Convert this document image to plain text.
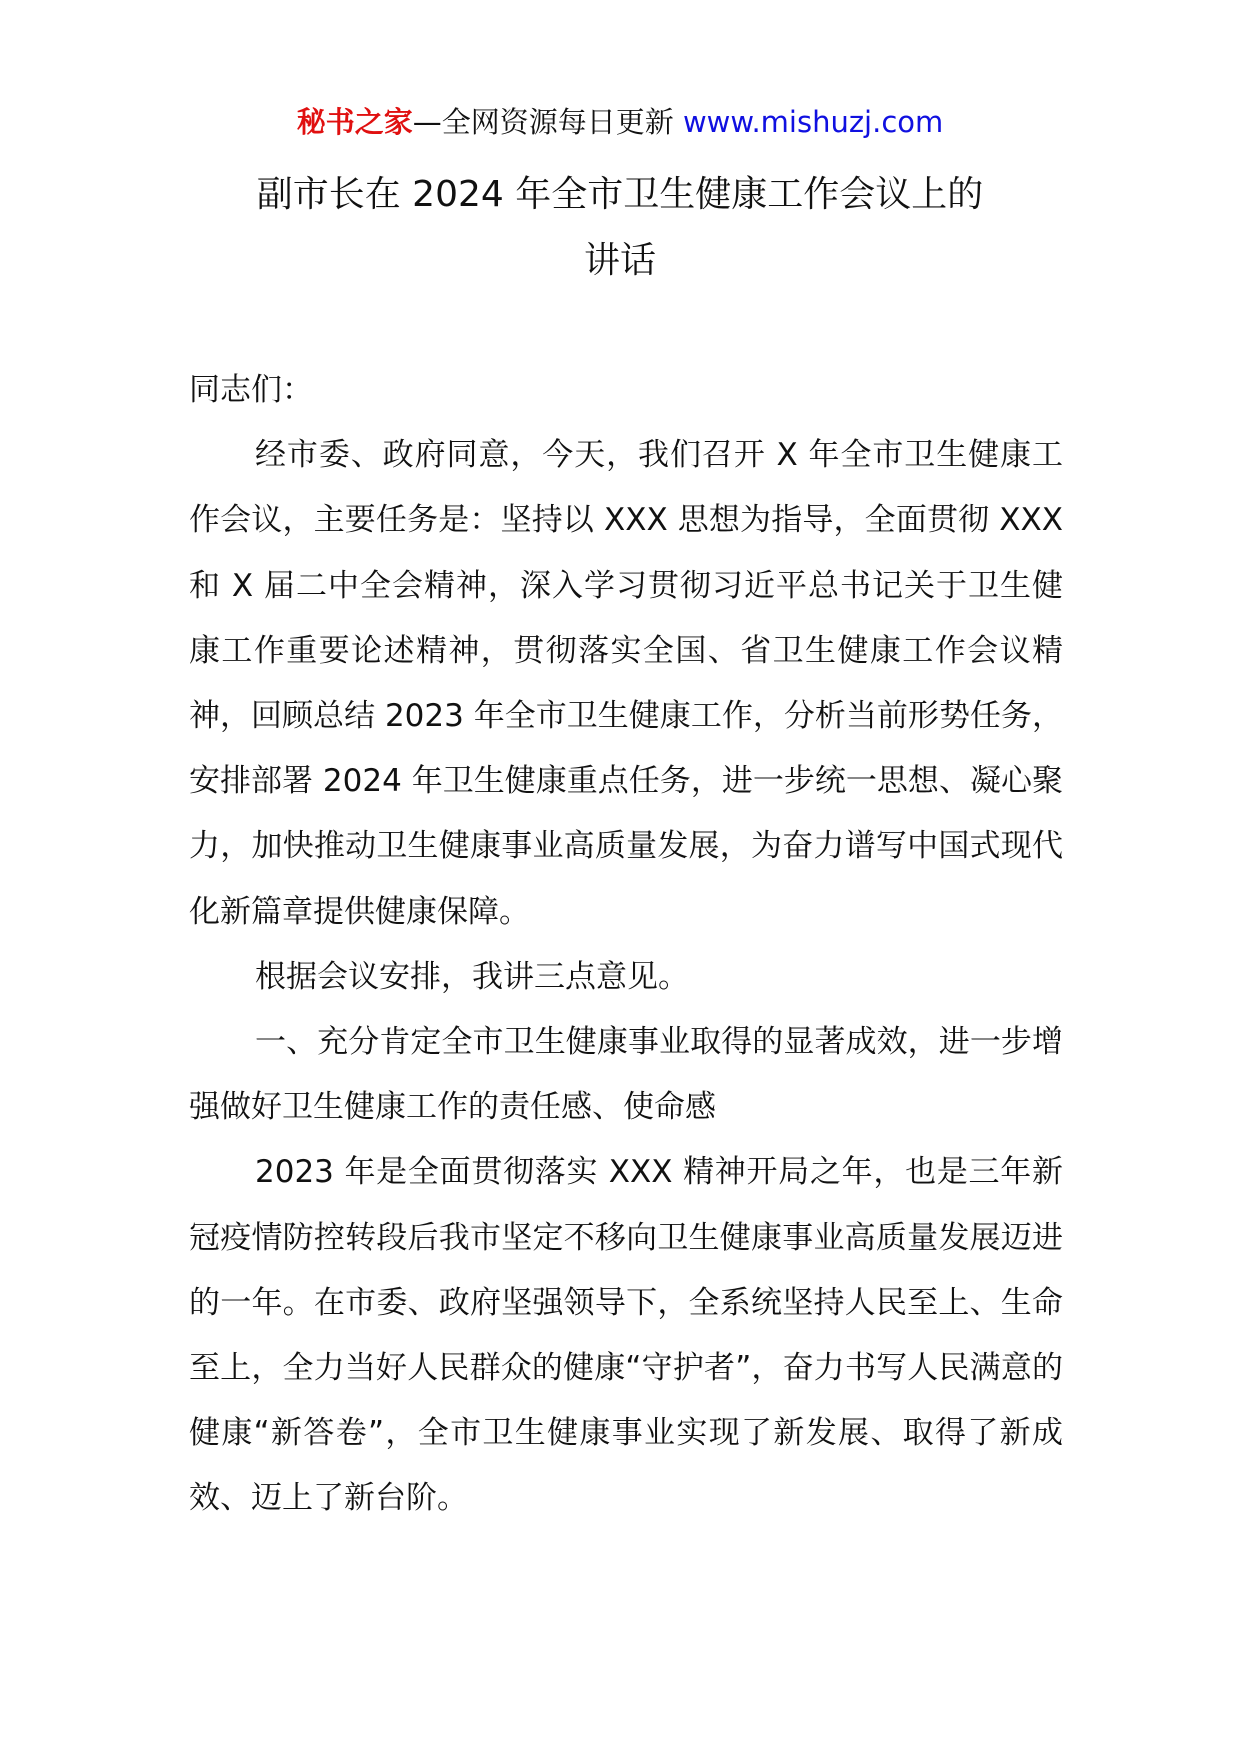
秘书之家—全网资源每日更新 www.mishuzj.com
副市长在 2024 年全市卫生健康工作会议上的
讲话

同志们：

经市委、政府同意，今天，我们召开 X 年全市卫生健康工作会议，主要任务是：坚持以 XXX 思想为指导，全面贯彻 XXX 和 X 届二中全会精神，深入学习贯彻习近平总书记关于卫生健康工作重要论述精神，贯彻落实全国、省卫生健康工作会议精神，回顾总结 2023 年全市卫生健康工作，分析当前形势任务，安排部署 2024 年卫生健康重点任务，进一步统一思想、凝心聚力，加快推动卫生健康事业高质量发展，为奋力谱写中国式现代化新篇章提供健康保障。

根据会议安排，我讲三点意见。

一、充分肯定全市卫生健康事业取得的显著成效，进一步增强做好卫生健康工作的责任感、使命感

2023 年是全面贯彻落实 XXX 精神开局之年，也是三年新冠疫情防控转段后我市坚定不移向卫生健康事业高质量发展迈进的一年。在市委、政府坚强领导下，全系统坚持人民至上、生命至上，全力当好人民群众的健康“守护者”，奋力书写人民满意的健康“新答卷”，全市卫生健康事业实现了新发展、取得了新成效、迈上了新台阶。
